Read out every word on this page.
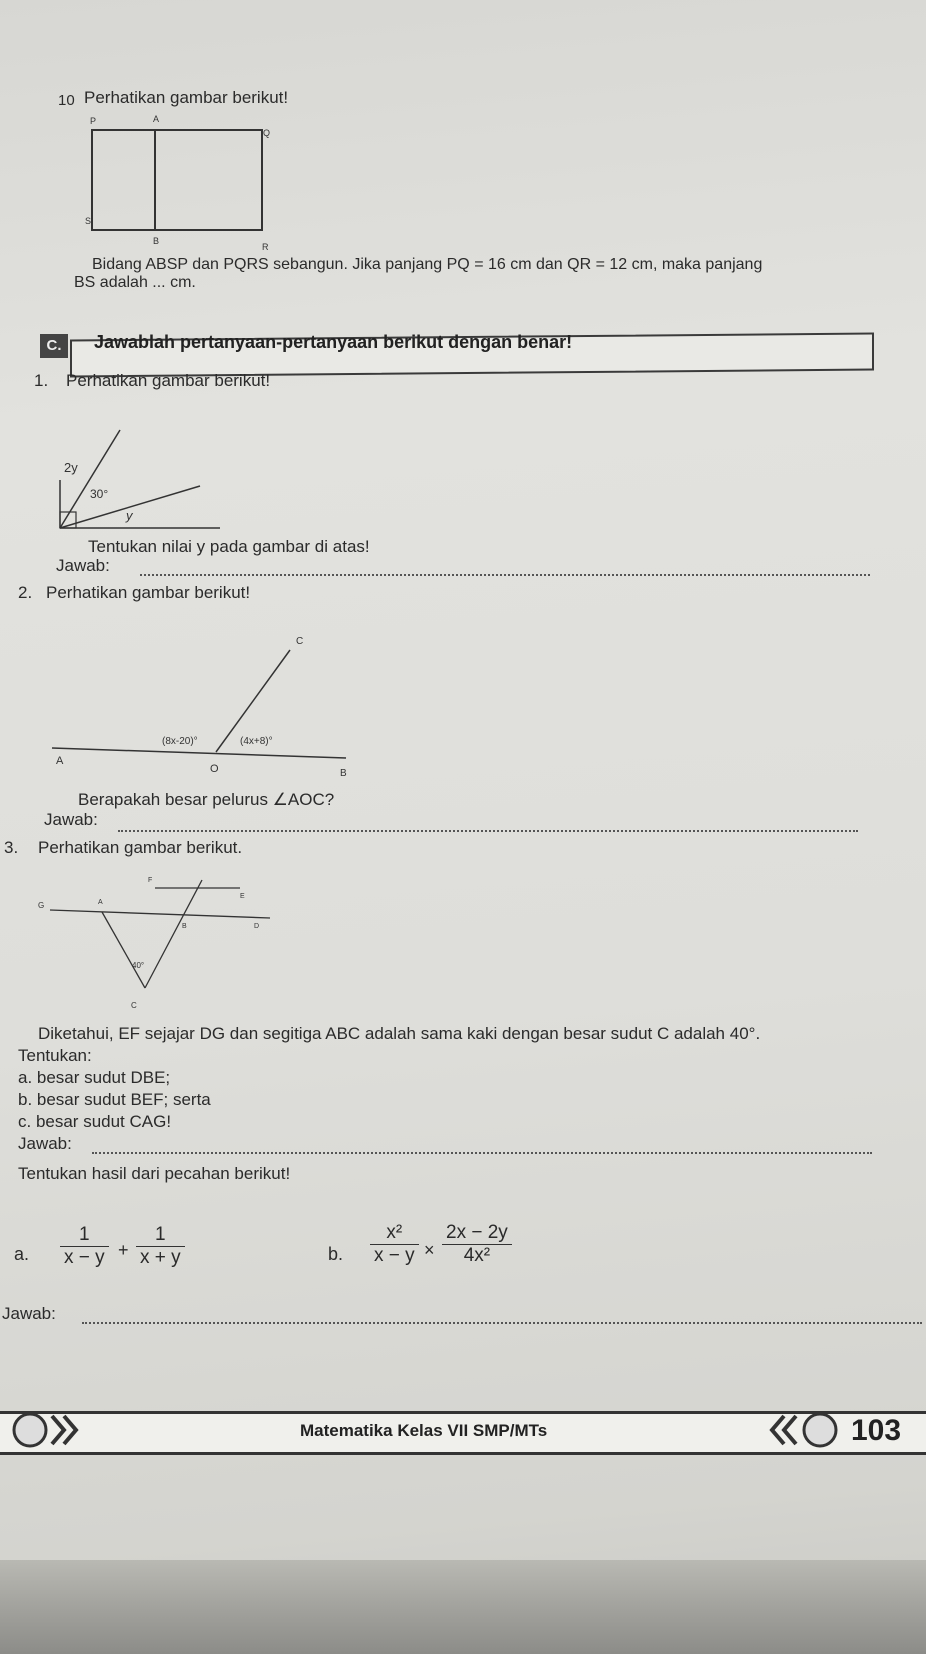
10 Perhatikan gambar berikut!
P	A
Q
S
B
R
Bidang ABSP dan PQRS sebangun. Jika panjang PQ = 16 cm dan QR = 12 cm, maka panjang
BS adalah ... cm.
C.	Jawablah pertanyaan-pertanyaan berikut dengan benar!
1. Perhatikan gambar berikut!
2y
30°
y
Tentukan nilai y pada gambar di atas!
Jawab:
2. Perhatikan gambar berikut!
C
A
O	B
(8x-20)°	(4x+8)°
Berapakah besar pelurus ∠AOC?
Jawab:
3. Perhatikan gambar berikut.
F
E
G	A
B	D
40°
C
Diketahui, EF sejajar DG dan segitiga ABC adalah sama kaki dengan besar sudut C adalah 40°.
Tentukan:
a. besar sudut DBE;
b. besar sudut BEF; serta
c. besar sudut CAG!
Jawab:
Tentukan hasil dari pecahan berikut!
a. $\frac{1}{x - y} + \frac{1}{x + y}$	b. $\frac{\text{x²}}{x - y} \times \frac{2x - 2y}{\text{4x²}}$
Jawab:
Matematika Kelas VII SMP/MTs	103
